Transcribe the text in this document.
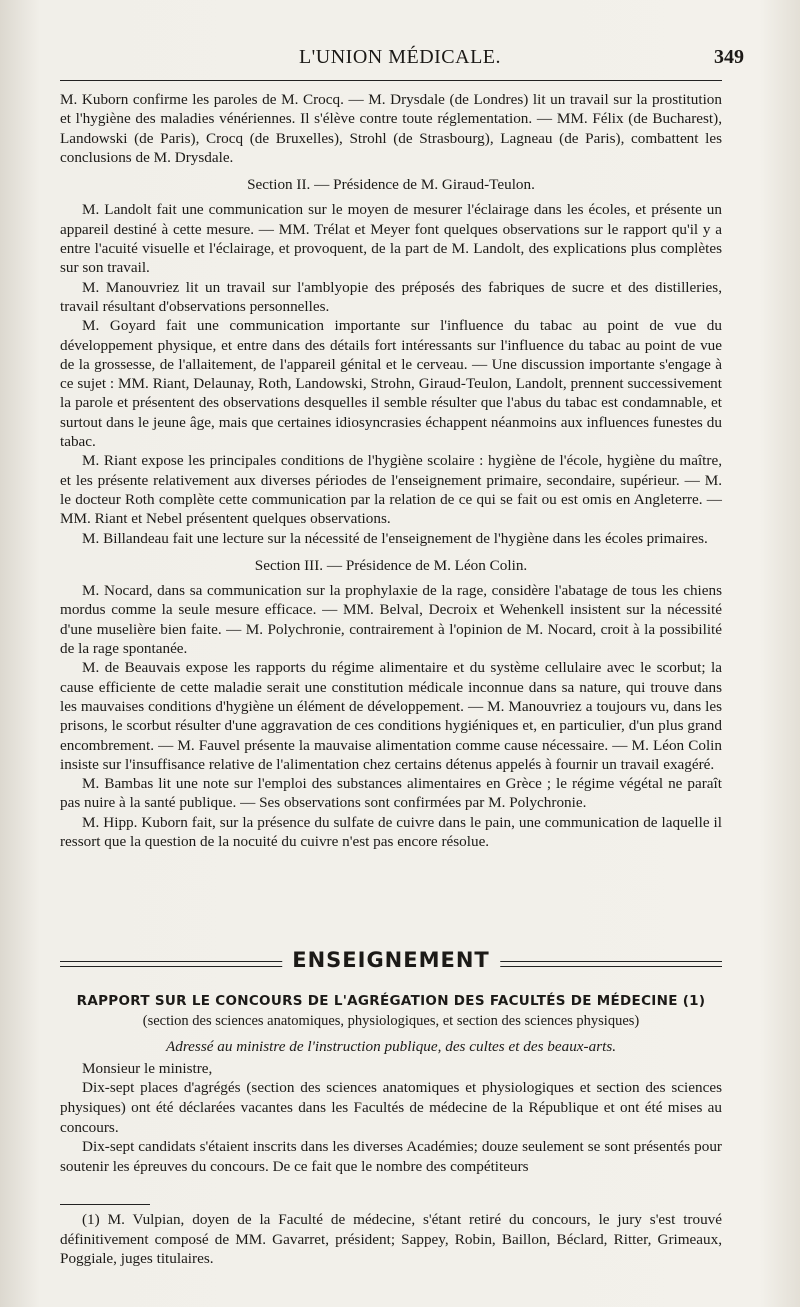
L'UNION MÉDICALE.	349

M. Kuborn confirme les paroles de M. Crocq. — M. Drysdale (de Londres) lit un travail sur la prostitution et l'hygiène des maladies vénériennes. Il s'élève contre toute réglementation. — MM. Félix (de Bucharest), Landowski (de Paris), Crocq (de Bruxelles), Strohl (de Strasbourg), Lagneau (de Paris), combattent les conclusions de M. Drysdale.

Section II. — Présidence de M. Giraud-Teulon.

M. Landolt fait une communication sur le moyen de mesurer l'éclairage dans les écoles, et présente un appareil destiné à cette mesure. — MM. Trélat et Meyer font quelques observations sur le rapport qu'il y a entre l'acuité visuelle et l'éclairage, et provoquent, de la part de M. Landolt, des explications plus complètes sur son travail.

M. Manouvriez lit un travail sur l'amblyopie des préposés des fabriques de sucre et des distilleries, travail résultant d'observations personnelles.

M. Goyard fait une communication importante sur l'influence du tabac au point de vue du développement physique, et entre dans des détails fort intéressants sur l'influence du tabac au point de vue de la grossesse, de l'allaitement, de l'appareil génital et le cerveau. — Une discussion importante s'engage à ce sujet : MM. Riant, Delaunay, Roth, Landowski, Strohn, Giraud-Teulon, Landolt, prennent successivement la parole et présentent des observations desquelles il semble résulter que l'abus du tabac est condamnable, et surtout dans le jeune âge, mais que certaines idiosyncrasies échappent néanmoins aux influences funestes du tabac.

M. Riant expose les principales conditions de l'hygiène scolaire : hygiène de l'école, hygiène du maître, et les présente relativement aux diverses périodes de l'enseignement primaire, secondaire, supérieur. — M. le docteur Roth complète cette communication par la relation de ce qui se fait ou est omis en Angleterre. — MM. Riant et Nebel présentent quelques observations.

M. Billandeau fait une lecture sur la nécessité de l'enseignement de l'hygiène dans les écoles primaires.

Section III. — Présidence de M. Léon Colin.

M. Nocard, dans sa communication sur la prophylaxie de la rage, considère l'abatage de tous les chiens mordus comme la seule mesure efficace. — MM. Belval, Decroix et Wehenkell insistent sur la nécessité d'une muselière bien faite. — M. Polychronie, contrairement à l'opinion de M. Nocard, croit à la possibilité de la rage spontanée.

M. de Beauvais expose les rapports du régime alimentaire et du système cellulaire avec le scorbut; la cause efficiente de cette maladie serait une constitution médicale inconnue dans sa nature, qui trouve dans les mauvaises conditions d'hygiène un élément de développement. — M. Manouvriez a toujours vu, dans les prisons, le scorbut résulter d'une aggravation de ces conditions hygiéniques et, en particulier, d'un plus grand encombrement. — M. Fauvel présente la mauvaise alimentation comme cause nécessaire. — M. Léon Colin insiste sur l'insuffisance relative de l'alimentation chez certains détenus appelés à fournir un travail exagéré.

M. Bambas lit une note sur l'emploi des substances alimentaires en Grèce ; le régime végétal ne paraît pas nuire à la santé publique. — Ses observations sont confirmées par M. Polychronie.

M. Hipp. Kuborn fait, sur la présence du sulfate de cuivre dans le pain, une communication de laquelle il ressort que la question de la nocuité du cuivre n'est pas encore résolue.

ENSEIGNEMENT
RAPPORT SUR LE CONCOURS DE L'AGRÉGATION DES FACULTÉS DE MÉDECINE (1)
(section des sciences anatomiques, physiologiques, et section des sciences physiques)
Adressé au ministre de l'instruction publique, des cultes et des beaux-arts.
Monsieur le ministre,

Dix-sept places d'agrégés (section des sciences anatomiques et physiologiques et section des sciences physiques) ont été déclarées vacantes dans les Facultés de médecine de la République et ont été mises au concours.

Dix-sept candidats s'étaient inscrits dans les diverses Académies; douze seulement se sont présentés pour soutenir les épreuves du concours. De ce fait que le nombre des compétiteurs

(1) M. Vulpian, doyen de la Faculté de médecine, s'étant retiré du concours, le jury s'est trouvé définitivement composé de MM. Gavarret, président; Sappey, Robin, Baillon, Béclard, Ritter, Grimeaux, Poggiale, juges titulaires.
